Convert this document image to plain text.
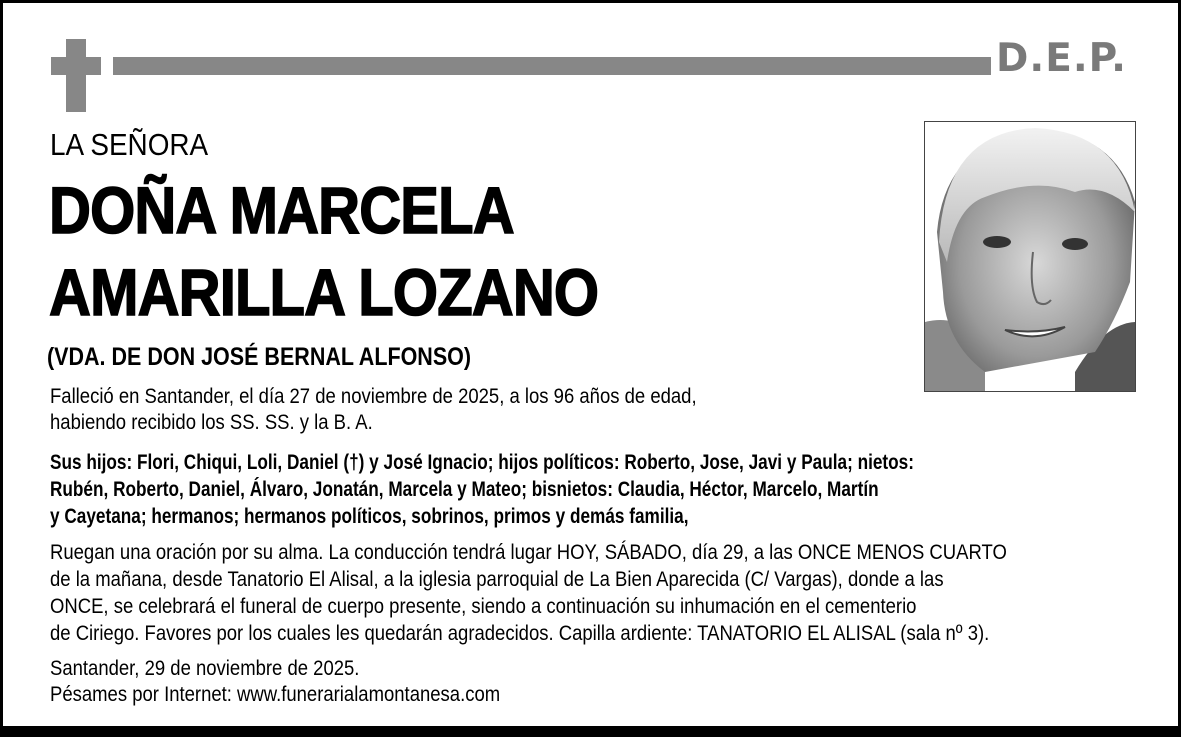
D.E.P.
LA SEÑORA
DOÑA MARCELA
AMARILLA LOZANO
(VDA. DE DON JOSÉ BERNAL ALFONSO)
Falleció en Santander, el día 27 de noviembre de 2025, a los 96 años de edad,
habiendo recibido los SS. SS. y la B. A.
Sus hijos: Flori, Chiqui, Loli, Daniel (†) y José Ignacio; hijos políticos: Roberto, Jose, Javi y Paula; nietos:
Rubén, Roberto, Daniel, Álvaro, Jonatán, Marcela y Mateo; bisnietos: Claudia, Héctor, Marcelo, Martín
y Cayetana; hermanos; hermanos políticos, sobrinos, primos y demás familia,
Ruegan una oración por su alma. La conducción tendrá lugar HOY, SÁBADO, día 29, a las ONCE MENOS CUARTO
de la mañana, desde Tanatorio El Alisal, a la iglesia parroquial de La Bien Aparecida (C/ Vargas), donde a las
ONCE, se celebrará el funeral de cuerpo presente, siendo a continuación su inhumación en el cementerio
de Ciriego. Favores por los cuales les quedarán agradecidos. Capilla ardiente: TANATORIO EL ALISAL (sala nº 3).
Santander, 29 de noviembre de 2025.
Pésames por Internet: www.funerarialamontanesa.com
